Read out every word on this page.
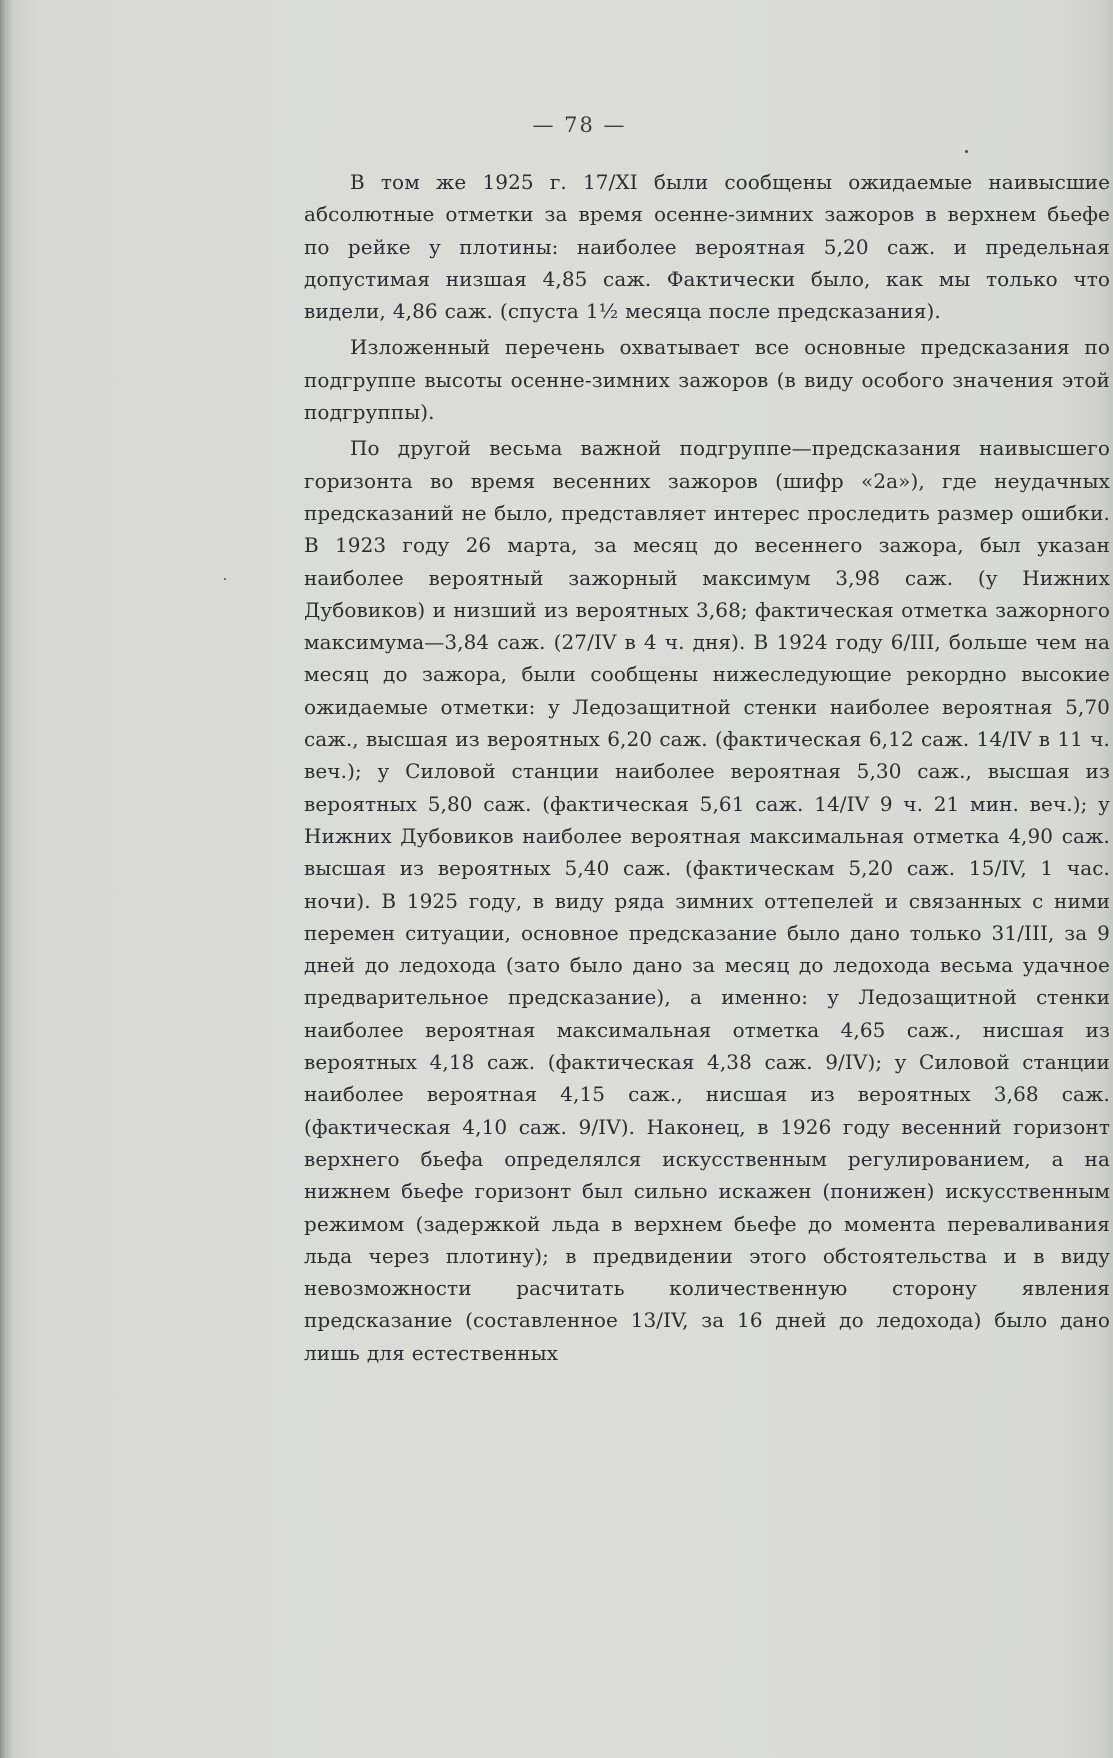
— 78 —

В том же 1925 г. 17/XI были сообщены ожидаемые наивысшие абсолютные отметки за время осенне-зимних зажоров в верхнем бьефе по рейке у плотины: наиболее вероятная 5,20 саж. и предельная допустимая низшая 4,85 саж. Фактически было, как мы только что видели, 4,86 саж. (спуста 1½ месяца после предсказания).

Изложенный перечень охватывает все основные предсказания по подгруппе высоты осенне-зимних зажоров (в виду особого значения этой подгруппы).

По другой весьма важной подгруппе—предсказания наивысшего горизонта во время весенних зажоров (шифр «2а»), где неудачных предсказаний не было, представляет интерес проследить размер ошибки. В 1923 году 26 марта, за месяц до весеннего зажора, был указан наиболее вероятный зажорный максимум 3,98 саж. (у Нижних Дубовиков) и низший из вероятных 3,68; фактическая отметка зажорного максимума—3,84 саж. (27/IV в 4 ч. дня). В 1924 году 6/III, больше чем на месяц до зажора, были сообщены нижеследующие рекордно высокие ожидаемые отметки: у Ледозащитной стенки наиболее вероятная 5,70 саж., высшая из вероятных 6,20 саж. (фактическая 6,12 саж. 14/IV в 11 ч. веч.); у Силовой станции наиболее вероятная 5,30 саж., высшая из вероятных 5,80 саж. (фактическая 5,61 саж. 14/IV 9 ч. 21 мин. веч.); у Нижних Дубовиков наиболее вероятная максимальная отметка 4,90 саж. высшая из вероятных 5,40 саж. (фактическам 5,20 саж. 15/IV, 1 час. ночи). В 1925 году, в виду ряда зимних оттепелей и связанных с ними перемен ситуации, основное предсказание было дано только 31/III, за 9 дней до ледохода (зато было дано за месяц до ледохода весьма удачное предварительное предсказание), а именно: у Ледозащитной стенки наиболее вероятная максимальная отметка 4,65 саж., нисшая из вероятных 4,18 саж. (фактическая 4,38 саж. 9/IV); у Силовой станции наиболее вероятная 4,15 саж., нисшая из вероятных 3,68 саж. (фактическая 4,10 саж. 9/IV). Наконец, в 1926 году весенний горизонт верхнего бьефа определялся искусственным регулированием, а на нижнем бьефе горизонт был сильно искажен (понижен) искусственным режимом (задержкой льда в верхнем бьефе до момента переваливания льда через плотину); в предвидении этого обстоятельства и в виду невозможности расчитать количественную сторону явления предсказание (составленное 13/IV, за 16 дней до ледохода) было дано лишь для естественных
